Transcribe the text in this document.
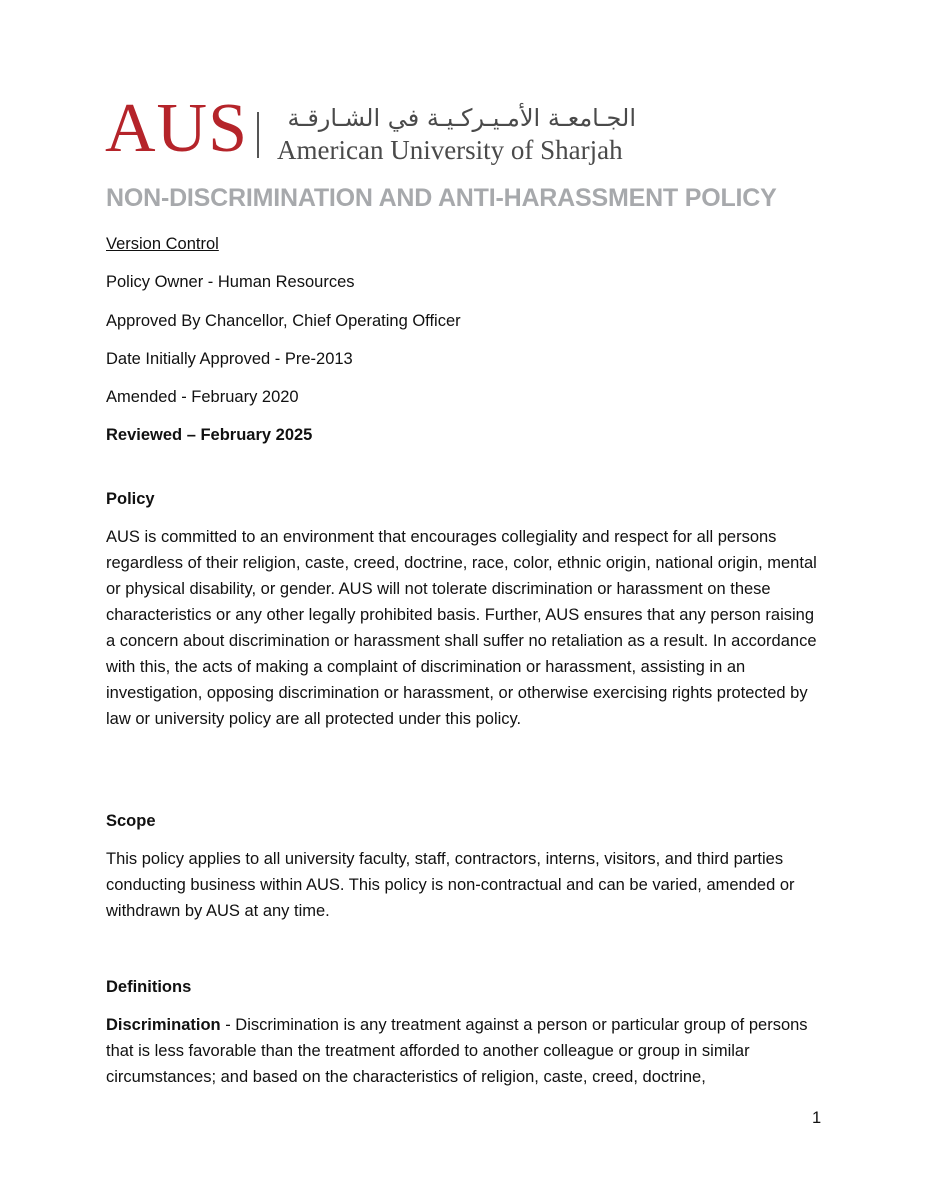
AUS	الجـامعـة الأمـيـركـيـة في الشـارقـة
American University of Sharjah
NON-DISCRIMINATION AND ANTI-HARASSMENT POLICY
Version Control
Policy Owner - Human Resources
Approved By Chancellor, Chief Operating Officer
Date Initially Approved - Pre-2013
Amended - February 2020
Reviewed – February 2025
Policy

AUS is committed to an environment that encourages collegiality and respect for all persons regardless of their religion, caste, creed, doctrine, race, color, ethnic origin, national origin, mental or physical disability, or gender. AUS will not tolerate discrimination or harassment on these characteristics or any other legally prohibited basis. Further, AUS ensures that any person raising a concern about discrimination or harassment shall suffer no retaliation as a result. In accordance with this, the acts of making a complaint of discrimination or harassment, assisting in an investigation, opposing discrimination or harassment, or otherwise exercising rights protected by law or university policy are all protected under this policy.

Scope

This policy applies to all university faculty, staff, contractors, interns, visitors, and third parties conducting business within AUS. This policy is non-contractual and can be varied, amended or withdrawn by AUS at any time.

Definitions

Discrimination - Discrimination is any treatment against a person or particular group of persons that is less favorable than the treatment afforded to another colleague or group in similar circumstances; and based on the characteristics of religion, caste, creed, doctrine,

1
